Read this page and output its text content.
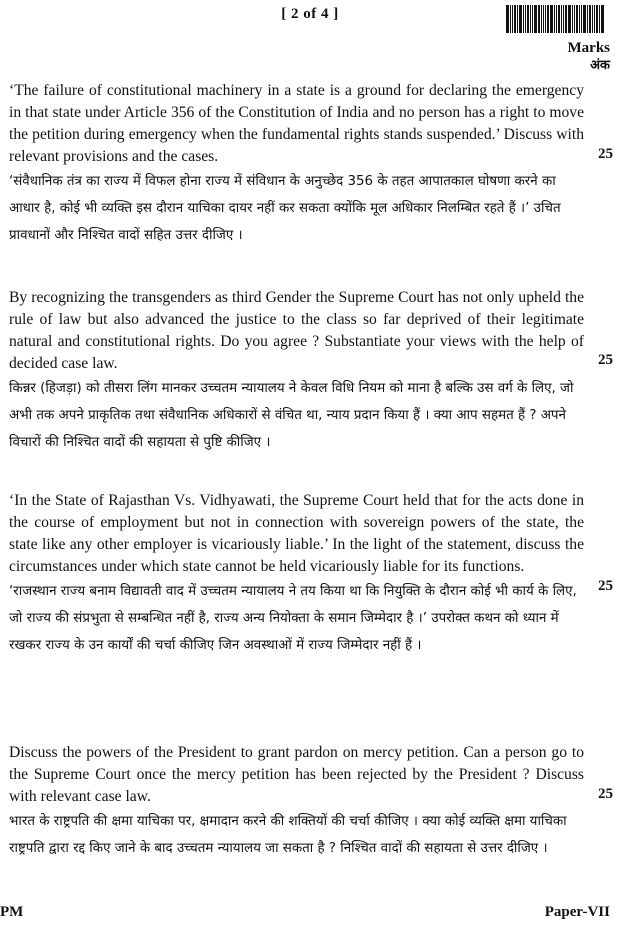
[ 2 of 4 ]
Marks
अंक

‘The failure of constitutional machinery in a state is a ground for declaring the emergency in that state under Article 356 of the Constitution of India and no person has a right to move the petition during emergency when the fundamental rights stands suspended.’ Discuss with relevant provisions and the cases.

‘संवैधानिक तंत्र का राज्य में विफल होना राज्य में संविधान के अनुच्छेद 356 के तहत आपातकाल घोषणा करने का आधार है, कोई भी व्यक्ति इस दौरान याचिका दायर नहीं कर सकता क्योंकि मूल अधिकार निलम्बित रहते हैं ।’ उचित प्रावधानों और निश्चित वादों सहित उत्तर दीजिए ।

25

By recognizing the transgenders as third Gender the Supreme Court has not only upheld the rule of law but also advanced the justice to the class so far deprived of their legitimate natural and constitutional rights. Do you agree ? Substantiate your views with the help of decided case law.

किन्नर (हिजड़ा) को तीसरा लिंग मानकर उच्चतम न्यायालय ने केवल विधि नियम को माना है बल्कि उस वर्ग के लिए, जो अभी तक अपने प्राकृतिक तथा संवैधानिक अधिकारों से वंचित था, न्याय प्रदान किया हैं । क्या आप सहमत हैं ? अपने विचारों की निश्चित वादों की सहायता से पुष्टि कीजिए ।

25

‘In the State of Rajasthan Vs. Vidhyawati, the Supreme Court held that for the acts done in the course of employment but not in connection with sovereign powers of the state, the state like any other employer is vicariously liable.’ In the light of the statement, discuss the circumstances under which state cannot be held vicariously liable for its functions.

‘राजस्थान राज्य बनाम विद्यावती वाद में उच्चतम न्यायालय ने तय किया था कि नियुक्ति के दौरान कोई भी कार्य के लिए, जो राज्य की संप्रभुता से सम्बन्धित नहीं है, राज्य अन्य नियोक्ता के समान जिम्मेदार है ।’ उपरोक्त कथन को ध्यान में रखकर राज्य के उन कार्यों की चर्चा कीजिए जिन अवस्थाओं में राज्य जिम्मेदार नहीं हैं ।

25

Discuss the powers of the President to grant pardon on mercy petition. Can a person go to the Supreme Court once the mercy petition has been rejected by the President ? Discuss with relevant case law.

भारत के राष्ट्रपति की क्षमा याचिका पर, क्षमादान करने की शक्तियों की चर्चा कीजिए । क्या कोई व्यक्ति क्षमा याचिका राष्ट्रपति द्वारा रद्द किए जाने के बाद उच्चतम न्यायालय जा सकता है ? निश्चित वादों की सहायता से उत्तर दीजिए ।

25
PM	Paper-VII
